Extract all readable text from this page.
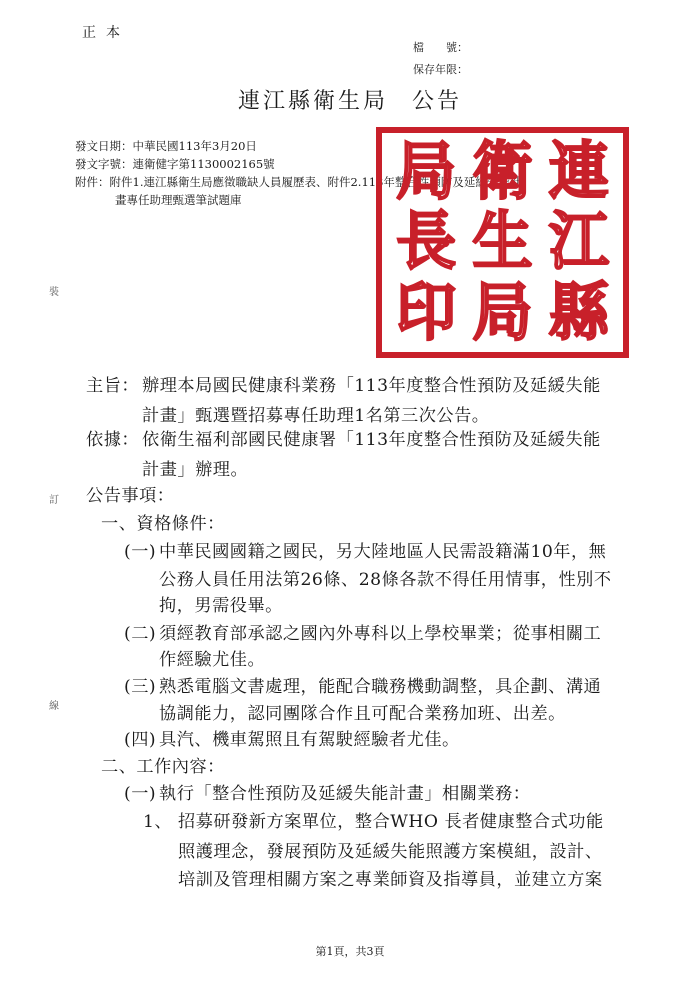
正本
檔　　號：
保存年限：
連江縣衛生局 公告
發文日期：中華民國113年3月20日
發文字號：連衛健字第1130002165號
附件：附件1.連江縣衛生局應徵職缺人員履歷表、附件2.113年整合性預防及延緩失能計
畫專任助理甄選筆試題庫	連
江
縣
衛
生
局
局
長
印
裝
訂
線
主旨： 辦理本局國民健康科業務「113年度整合性預防及延緩失能
計畫」甄選暨招募專任助理1名第三次公告。
依據： 依衛生福利部國民健康署「113年度整合性預防及延緩失能
計畫」辦理。
公告事項：
一、資格條件：
(一) 中華民國國籍之國民，另大陸地區人民需設籍滿10年，無
公務人員任用法第26條、28條各款不得任用情事，性別不
拘，男需役畢。
(二) 須經教育部承認之國內外專科以上學校畢業；從事相關工
作經驗尤佳。
(三) 熟悉電腦文書處理，能配合職務機動調整，具企劃、溝通
協調能力，認同團隊合作且可配合業務加班、出差。
(四) 具汽、機車駕照且有駕駛經驗者尤佳。
二、工作內容：
(一) 執行「整合性預防及延緩失能計畫」相關業務：
1、 招募研發新方案單位，整合WHO 長者健康整合式功能
照護理念，發展預防及延緩失能照護方案模組，設計、
培訓及管理相關方案之專業師資及指導員，並建立方案
第1頁，共3頁
